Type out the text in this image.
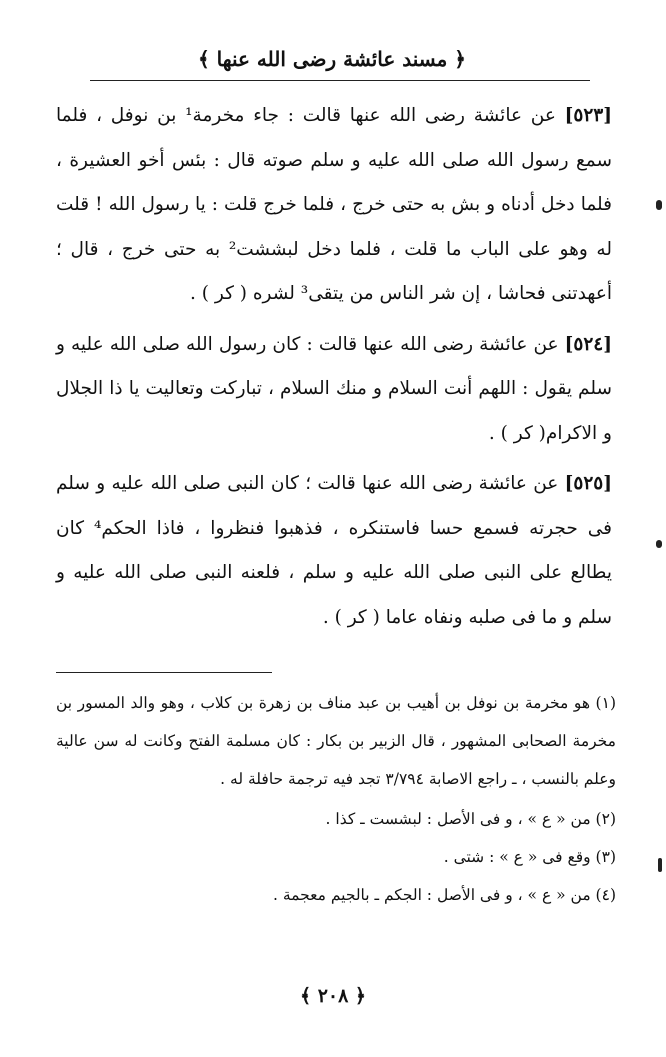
﴿ مسند عائشة رضى الله عنها ﴾

[٥٢٣] عن عائشة رضى الله عنها قالت : جاء مخرمة¹ بن نوفل ، فلما سمع رسول الله صلى الله عليه و سلم صوته قال : بئس أخو العشيرة ، فلما دخل أدناه و بش به حتى خرج ، فلما خرج قلت : يا رسول الله ! قلت له وهو على الباب ما قلت ، فلما دخل لبششت² به حتى خرج ، قال ؛ أعهدتنى فحاشا ، إن شر الناس من يتقى³ لشره ( كر ) .

[٥٢٤] عن عائشة رضى الله عنها قالت : كان رسول الله صلى الله عليه و سلم يقول : اللهم أنت السلام و منك السلام ، تباركت وتعاليت يا ذا الجلال و الاكرام( كر ) .

[٥٢٥] عن عائشة رضى الله عنها قالت ؛ كان النبى صلى الله عليه و سلم فى حجرته فسمع حسا فاستنكره ، فذهبوا فنظروا ، فاذا الحكم⁴ كان يطالع على النبى صلى الله عليه و سلم ، فلعنه النبى صلى الله عليه و سلم و ما فى صلبه ونفاه عاما ( كر ) .

(١) هو مخرمة بن نوفل بن أهيب بن عبد مناف بن زهرة بن كلاب ، وهو والد المسور بن مخرمة الصحابى المشهور ، قال الزبير بن بكار : كان مسلمة الفتح وكانت له سن عالية وعلم بالنسب ، ـ راجع الاصابة ٣/٧٩٤ تجد فيه ترجمة حافلة له .

(٢) من « ع » ، و فى الأصل : لبشست ـ كذا .

(٣) وقع فى « ع » : شتى .

(٤) من « ع » ، و فى الأصل : الجكم ـ بالجيم معجمة .

﴿ ٢٠٨ ﴾
